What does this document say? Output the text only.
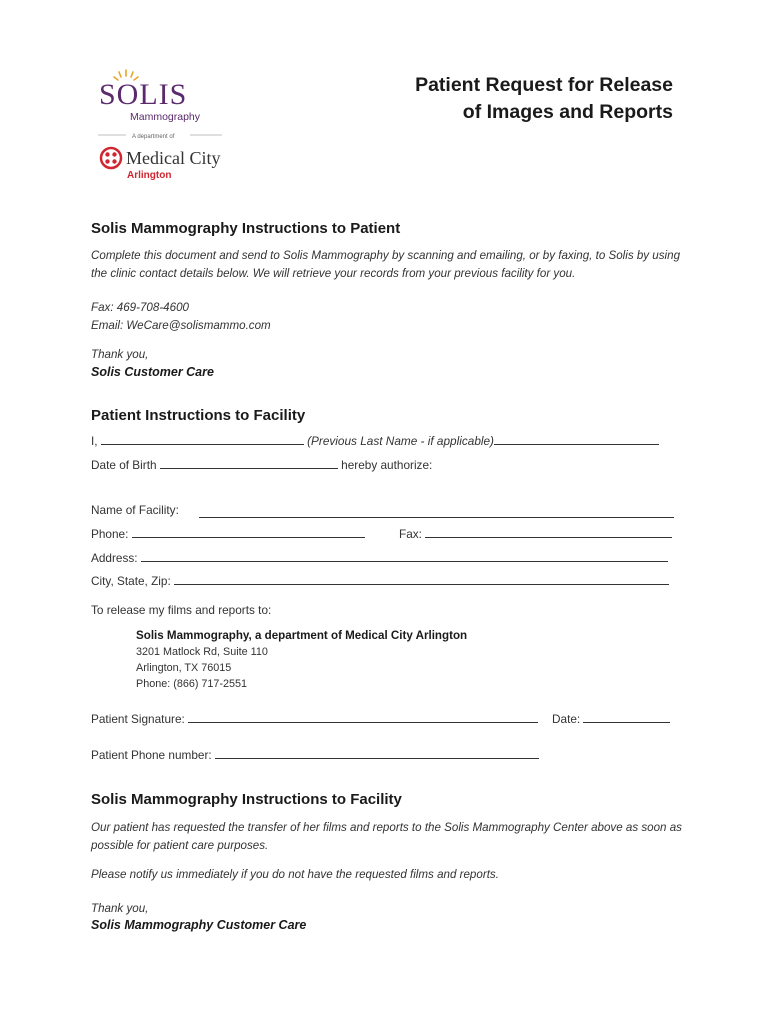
SOLIS
Mammography
A department of
Medical City
Arlington
Patient Request for Release
of Images and Reports
Solis Mammography Instructions to Patient
Complete this document and send to Solis Mammography by scanning and emailing, or by faxing, to Solis by using the clinic contact details below. We will retrieve your records from your previous facility for you.
Fax: 469-708-4600
Email: WeCare@solismammo.com
Thank you,
Solis Customer Care
Patient Instructions to Facility
I,	(Previous Last Name - if applicable)
Date of Birth	hereby authorize:
Name of Facility:
Phone:	Fax:
Address:
City, State, Zip:
To release my films and reports to:
Solis Mammography, a department of Medical City Arlington
3201 Matlock Rd, Suite 110
Arlington, TX 76015
Phone: (866) 717-2551
Patient Signature:	Date:
Patient Phone number:
Solis Mammography Instructions to Facility
Our patient has requested the transfer of her films and reports to the Solis Mammography Center above as soon as possible for patient care purposes.
Please notify us immediately if you do not have the requested films and reports.
Thank you,
Solis Mammography Customer Care
